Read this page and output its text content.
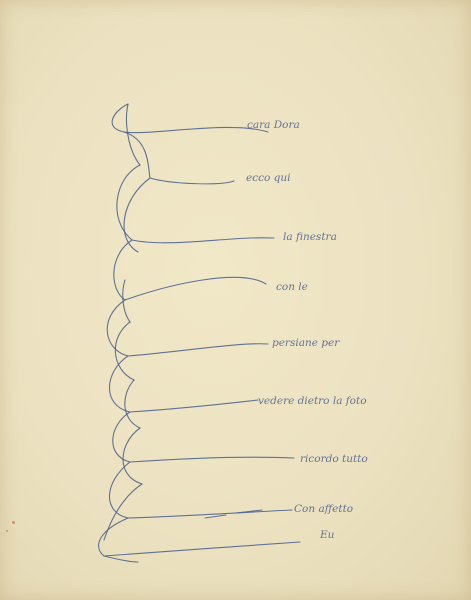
cara Dora
ecco qui
la finestra
con le
persiane per
vedere dietro la foto
ricordo tutto
Con affetto
Eu
